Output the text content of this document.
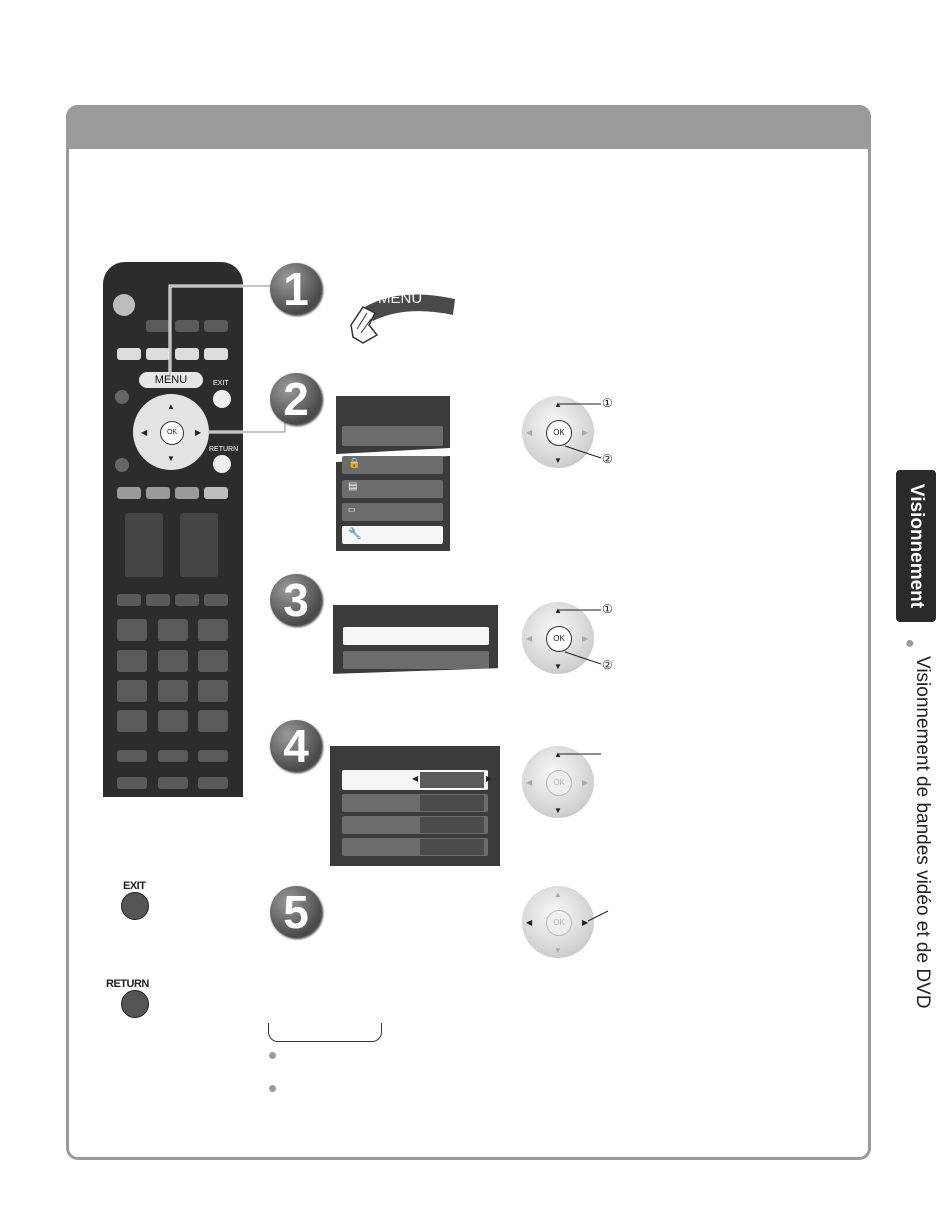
Visionnement
●
Visionnement de bandes vidéo et de DVD
MENU	EXIT
OK
▲
▼
◀	▶
RETURN
1
2
3
4
5
MENU
🔒
▤
▭
🔧
◀	▶
OK
▲
▼
◀	▶
①
②
OK
▲
▼
◀	▶
①
②
OK
▲
▼
◀	▶
OK
▲
▼
◀	▶
EXIT
RETURN
